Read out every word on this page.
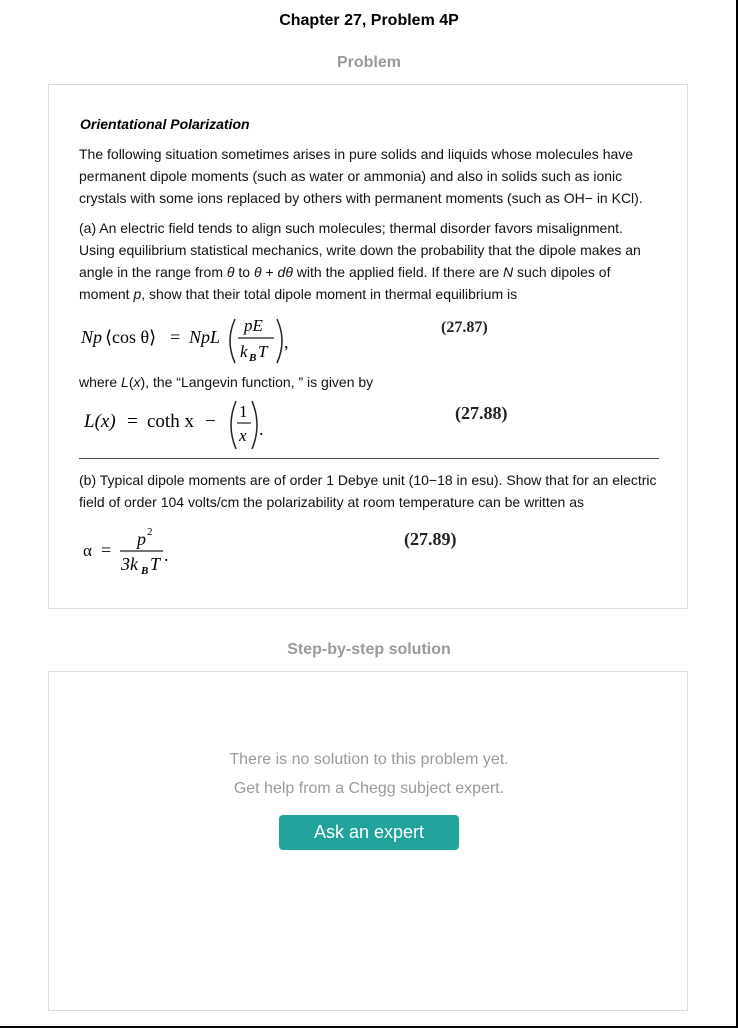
Chapter 27, Problem 4P
Problem
Orientational Polarization
The following situation sometimes arises in pure solids and liquids whose molecules have permanent dipole moments (such as water or ammonia) and also in solids such as ionic crystals with some ions replaced by others with permanent moments (such as OH− in KCl).
(a) An electric field tends to align such molecules; thermal disorder favors misalignment. Using equilibrium statistical mechanics, write down the probability that the dipole makes an angle in the range from θ to θ + dθ with the applied field. If there are N such dipoles of moment p, show that their total dipole moment in thermal equilibrium is
Np ⟨cos θ⟩ = NpL
pE
k B T ,
(27.87)
where L(x), the “Langevin function, ” is given by
L(x) = coth x − 1
x .
(27.88)
(b) Typical dipole moments are of order 1 Debye unit (10−18 in esu). Show that for an electric field of order 104 volts/cm the polarizability at room temperature can be written as
α =
p 2
3k B T .
(27.89)
Step-by-step solution
There is no solution to this problem yet.
Get help from a Chegg subject expert.
Ask an expert
